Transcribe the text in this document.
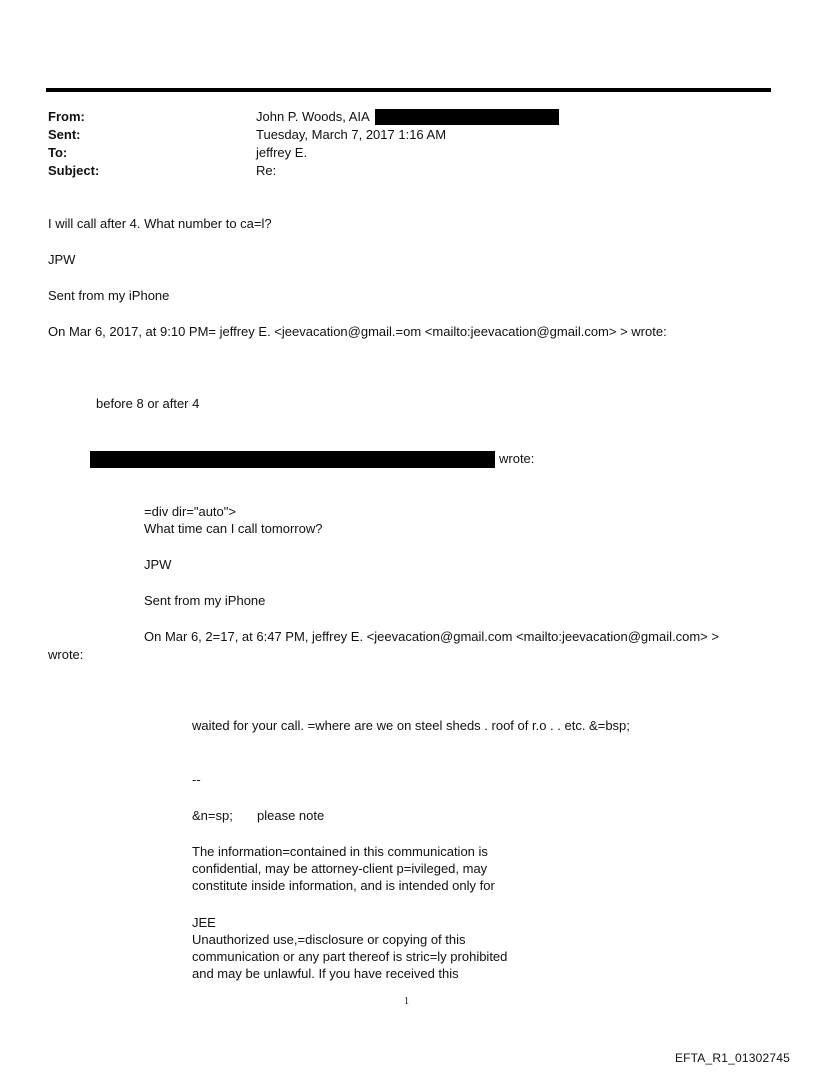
From:	John P. Woods, AIA
Sent:	Tuesday, March 7, 2017 1:16 AM
To:	jeffrey E.
Subject:	Re:
I will call after 4. What number to ca=l?
JPW
Sent from my iPhone
On Mar 6, 2017, at 9:10 PM= jeffrey E. <jeevacation@gmail.=om <mailto:jeevacation@gmail.com> > wrote:
before 8 or after 4
wrote:
=div dir="auto">
What time can I call tomorrow?
JPW
Sent from my iPhone
On Mar 6, 2=17, at 6:47 PM, jeffrey E. <jeevacation@gmail.com <mailto:jeevacation@gmail.com> >
wrote:
waited for your call. =where are we on steel sheds . roof of r.o . . etc. &=bsp;
--
&n=sp; please note
The information=contained in this communication is
confidential, may be attorney-client p=ivileged, may
constitute inside information, and is intended only for
JEE
Unauthorized use,=disclosure or copying of this
communication or any part thereof is stric=ly prohibited
and may be unlawful. If you have received this
1
EFTA_R1_01302745
